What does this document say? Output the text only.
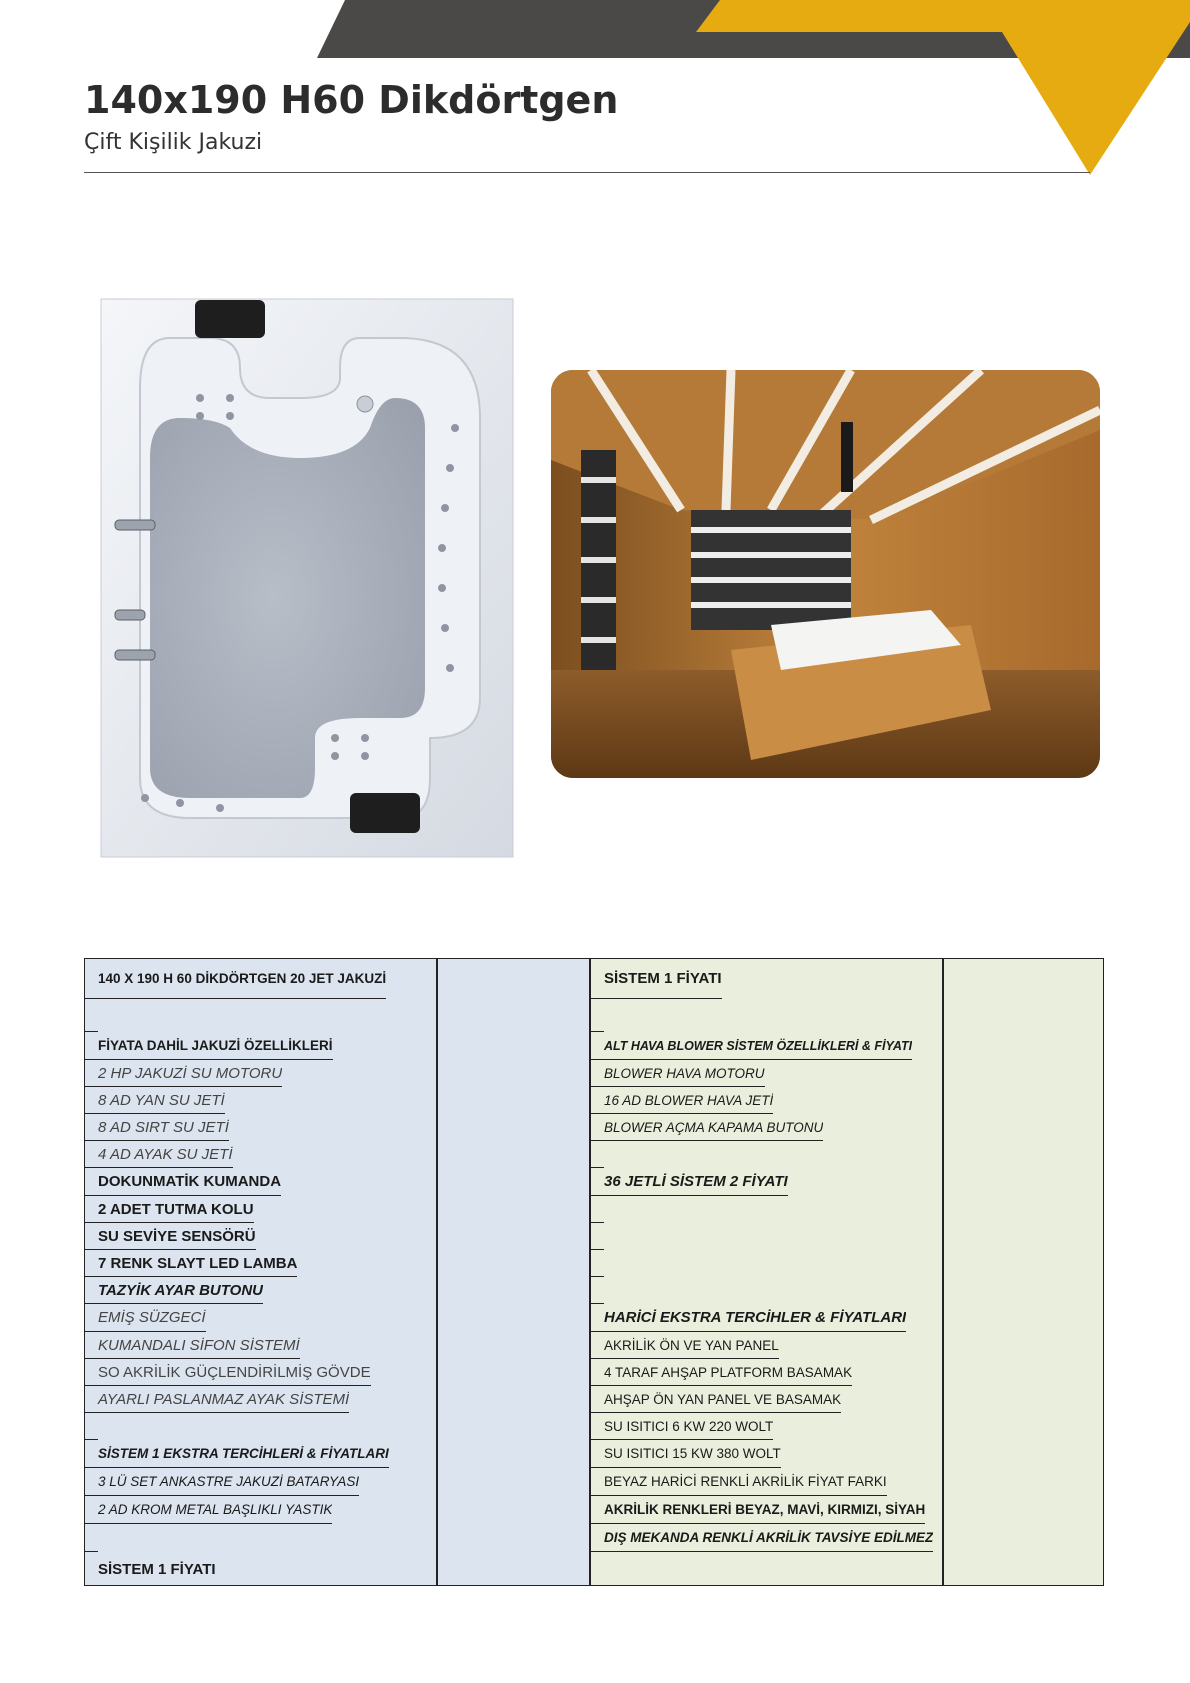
140x190 H60 Dikdörtgen
Çift Kişilik Jakuzi
140 X 190 H 60 DİKDÖRTGEN 20 JET JAKUZİ
FİYATA DAHİL JAKUZİ ÖZELLİKLERİ
2 HP JAKUZİ SU MOTORU
8 AD YAN SU JETİ
8 AD SIRT SU JETİ
4 AD AYAK SU JETİ
DOKUNMATİK KUMANDA
2 ADET TUTMA KOLU
SU SEVİYE SENSÖRÜ
7 RENK SLAYT LED LAMBA
TAZYİK AYAR BUTONU
EMİŞ SÜZGECİ
KUMANDALI SİFON SİSTEMİ
SO AKRİLİK GÜÇLENDİRİLMİŞ GÖVDE
AYARLI PASLANMAZ AYAK SİSTEMİ
SİSTEM 1 EKSTRA TERCİHLERİ & FİYATLARI
3 LÜ SET ANKASTRE JAKUZİ BATARYASI
2 AD KROM METAL BAŞLIKLI YASTIK
SİSTEM 1 FİYATI
SİSTEM 1 FİYATI
ALT HAVA BLOWER SİSTEM ÖZELLİKLERİ & FİYATI
BLOWER HAVA MOTORU
16 AD BLOWER HAVA JETİ
BLOWER AÇMA KAPAMA BUTONU
36 JETLİ SİSTEM 2 FİYATI
HARİCİ EKSTRA TERCİHLER & FİYATLARI
AKRİLİK ÖN VE YAN PANEL
4 TARAF AHŞAP PLATFORM BASAMAK
AHŞAP ÖN YAN PANEL VE BASAMAK
SU ISITICI 6 KW 220 WOLT
SU ISITICI 15 KW 380 WOLT
BEYAZ HARİCİ RENKLİ AKRİLİK FİYAT FARKI
AKRİLİK RENKLERİ BEYAZ, MAVİ, KIRMIZI, SİYAH
DIŞ MEKANDA RENKLİ AKRİLİK TAVSİYE EDİLMEZ
